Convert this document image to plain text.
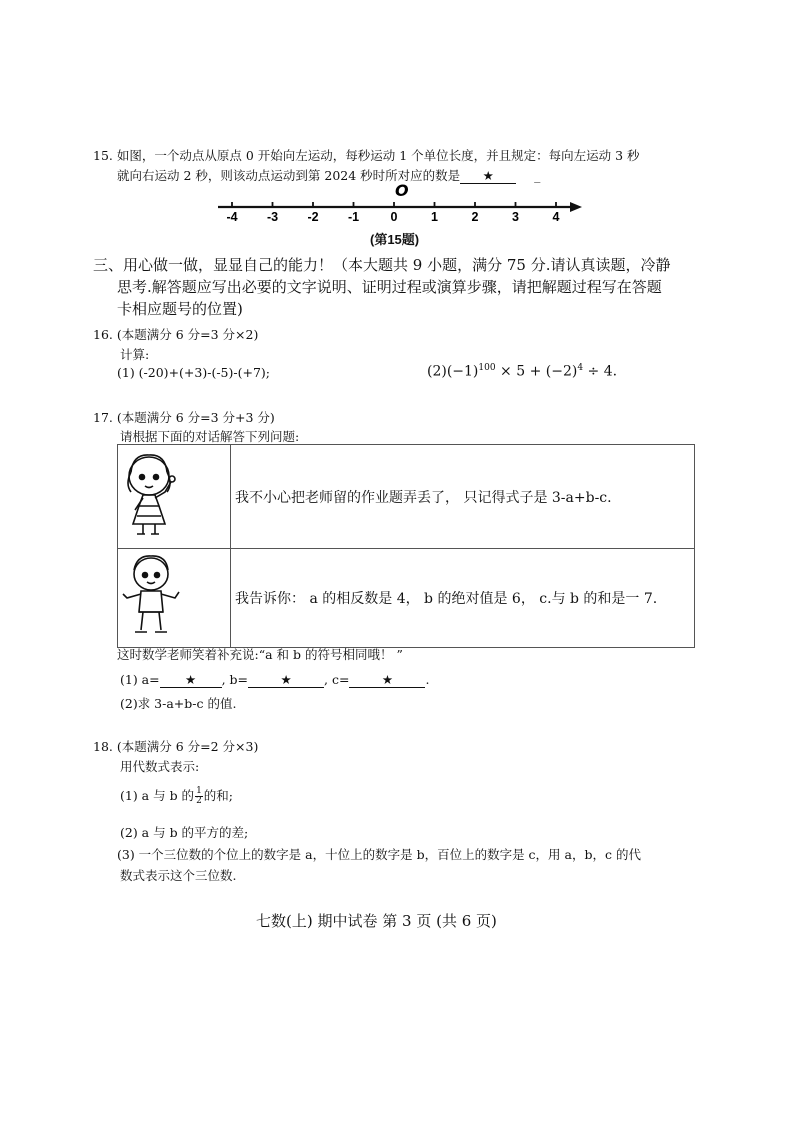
15. 如图，一个动点从原点 0 开始向左运动，每秒运动 1 个单位长度，并且规定：每向左运动 3 秒
就向右运动 2 秒，则该动点运动到第 2024 秒时所对应的数是 ★	_
O
-4 -3 -2 -1	0	1	2	3	4
(第15题)
三、用心做一做，显显自己的能力！（本大题共 9 小题，满分 75 分.请认真读题，冷静
思考.解答题应写出必要的文字说明、证明过程或演算步骤，请把解题过程写在答题
卡相应题号的位置)
16. (本题满分 6 分=3 分×2)
计算:
(1) (-20)+(+3)-(-5)-(+7);	$(2)(-1)^{100} \times 5 + (-2)^4 \div 4$.
17. (本题满分 6 分=3 分+3 分)
请根据下面的对话解答下列问题:
	我不小心把老师留的作业题弄丢了， 只记得式子是 3-a+b-c.
	我告诉你： a 的相反数是 4， b 的绝对值是 6， c.与 b 的和是一 7.
这时数学老师笑着补充说:“a 和 b 的符号相同哦！ ”
(1) a= ★ , b=	★	, c=	★	.
(2)求 3-a+b-c 的值.
18. (本题满分 6 分=2 分×3)
用代数式表示:
(1) a 与 b 的 $\frac{1}{2}$ 的和;
(2) a 与 b 的平方的差;
(3) 一个三位数的个位上的数字是 a，十位上的数字是 b，百位上的数字是 c，用 a，b，c 的代
数式表示这个三位数.
七数(上) 期中试卷 第 3 页 (共 6 页)
